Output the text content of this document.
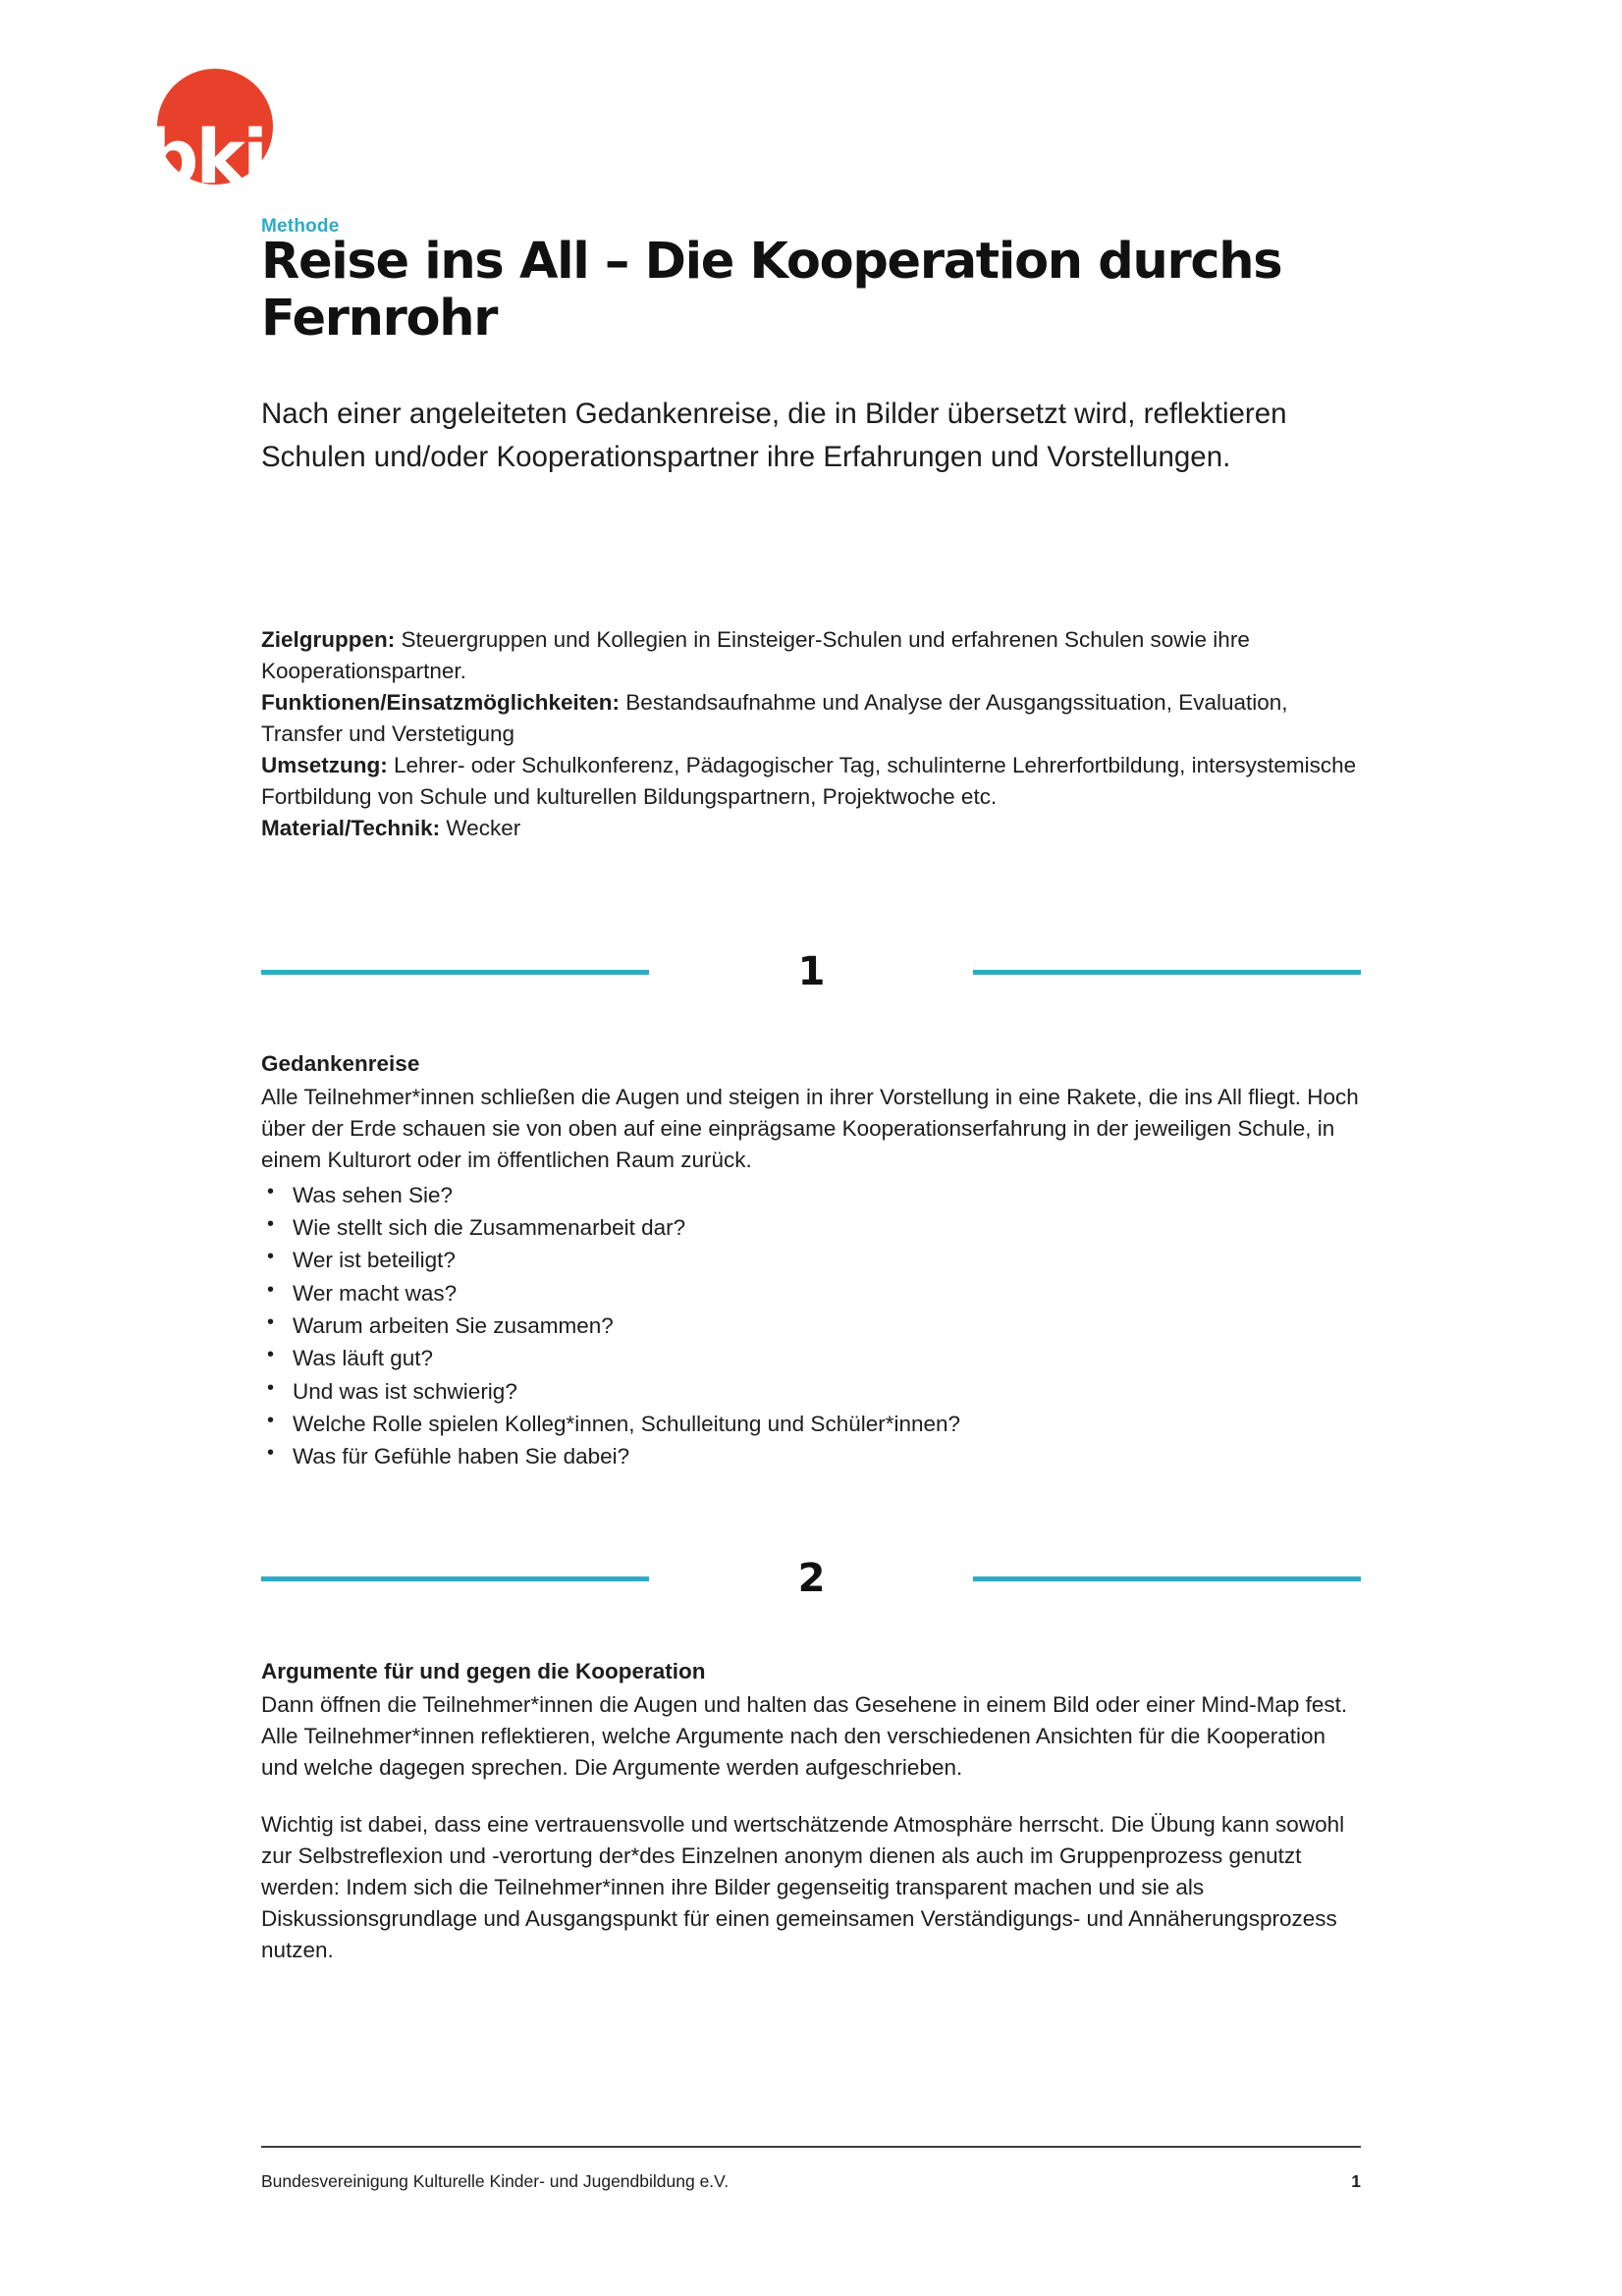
bkj
Methode
Reise ins All – Die Kooperation durchs Fernrohr

Nach einer angeleiteten Gedankenreise, die in Bilder übersetzt wird, reflektieren Schulen und/oder Kooperationspartner ihre Erfahrungen und Vorstellungen.

Zielgruppen: Steuergruppen und Kollegien in Einsteiger-Schulen und erfahrenen Schulen sowie ihre Kooperationspartner.

Funktionen/Einsatzmöglichkeiten: Bestandsaufnahme und Analyse der Ausgangssituation, Evaluation, Transfer und Verstetigung

Umsetzung: Lehrer- oder Schulkonferenz, Pädagogischer Tag, schulinterne Lehrerfortbildung, intersystemische Fortbildung von Schule und kulturellen Bildungspartnern, Projektwoche etc.

Material/Technik: Wecker

1

Gedankenreise

Alle Teilnehmer*innen schließen die Augen und steigen in ihrer Vorstellung in eine Rakete, die ins All fliegt. Hoch über der Erde schauen sie von oben auf eine einprägsame Kooperationserfahrung in der jeweiligen Schule, in einem Kulturort oder im öffentlichen Raum zurück.

• Was sehen Sie?
• Wie stellt sich die Zusammenarbeit dar?
• Wer ist beteiligt?
• Wer macht was?
• Warum arbeiten Sie zusammen?
• Was läuft gut?
• Und was ist schwierig?
• Welche Rolle spielen Kolleg*innen, Schulleitung und Schüler*innen?
• Was für Gefühle haben Sie dabei?
2

Argumente für und gegen die Kooperation

Dann öffnen die Teilnehmer*innen die Augen und halten das Gesehene in einem Bild oder einer Mind-Map fest. Alle Teilnehmer*innen reflektieren, welche Argumente nach den verschiedenen Ansichten für die Kooperation und welche dagegen sprechen. Die Argumente werden aufgeschrieben.

Wichtig ist dabei, dass eine vertrauensvolle und wertschätzende Atmosphäre herrscht. Die Übung kann sowohl zur Selbstreflexion und -verortung der*des Einzelnen anonym dienen als auch im Gruppenprozess genutzt werden: Indem sich die Teilnehmer*innen ihre Bilder gegenseitig transparent machen und sie als Diskussionsgrundlage und Ausgangspunkt für einen gemeinsamen Verständigungs- und Annäherungsprozess nutzen.

Bundesvereinigung Kulturelle Kinder- und Jugendbildung e.V.	1
